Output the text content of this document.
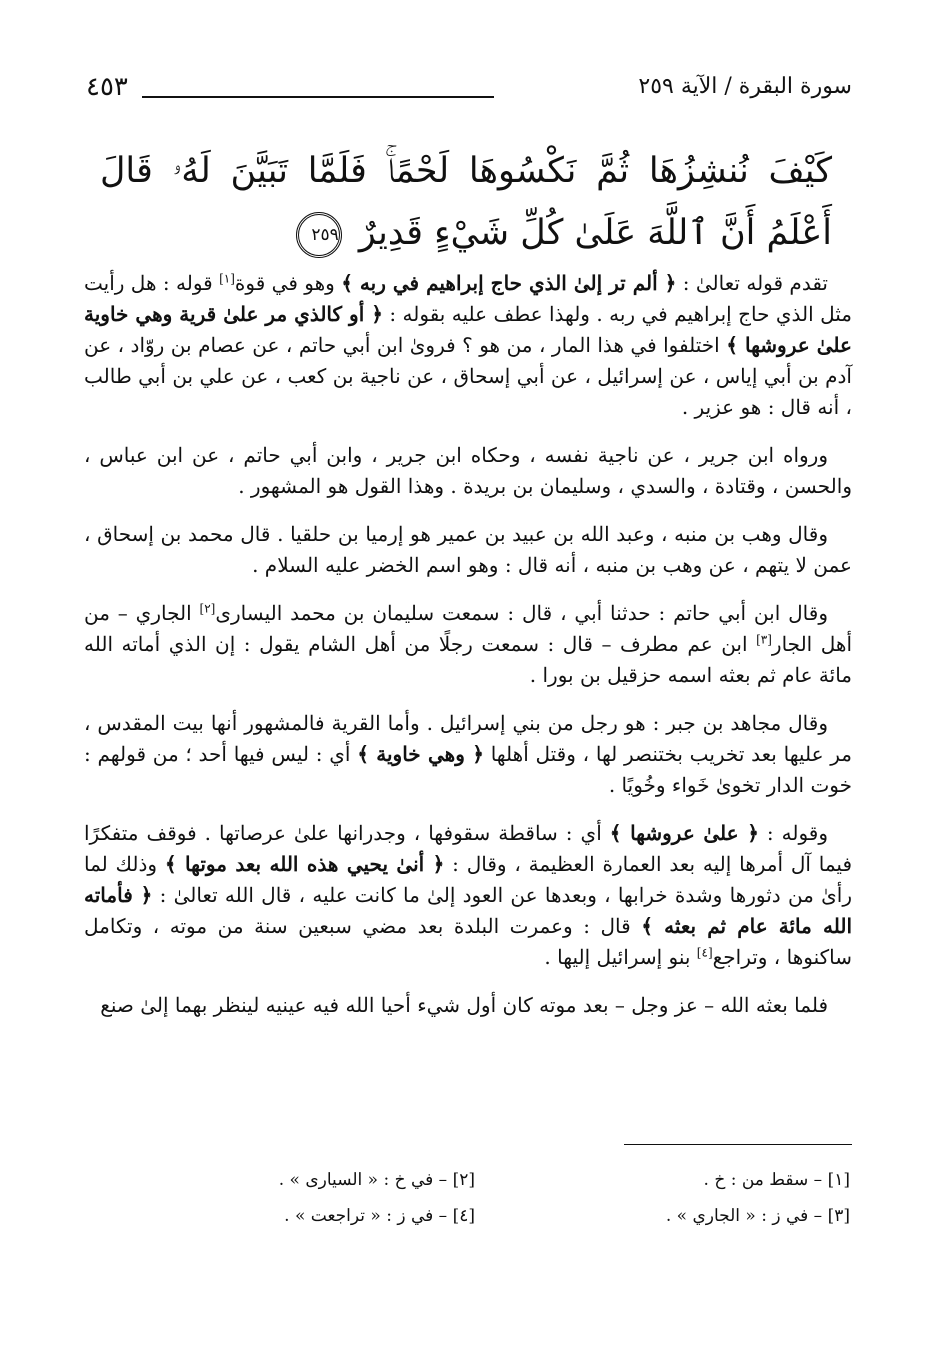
سورة البقرة / الآية ٢٥٩
٤٥٣
كَيْفَ نُنشِزُهَا ثُمَّ نَكْسُوهَا لَحْمًاۚ فَلَمَّا تَبَيَّنَ لَهُۥ قَالَ أَعْلَمُ أَنَّ ٱللَّهَ عَلَىٰ كُلِّ شَيْءٍ قَدِيرٌ ٢٥٩

تقدم قوله تعالىٰ : ﴿ ألم تر إلىٰ الذي حاج إبراهيم في ربه ﴾ وهو في قوة[١] قوله : هل رأيت مثل الذي حاج إبراهيم في ربه . ولهذا عطف عليه بقوله : ﴿ أو كالذي مر علىٰ قرية وهي خاوية علىٰ عروشها ﴾ اختلفوا في هذا المار ، من هو ؟ فروىٰ ابن أبي حاتم ، عن عصام بن روّاد ، عن آدم بن أبي إياس ، عن إسرائيل ، عن أبي إسحاق ، عن ناجية بن كعب ، عن علي بن أبي طالب ، أنه قال : هو عزير .

ورواه ابن جرير ، عن ناجية نفسه ، وحكاه ابن جرير ، وابن أبي حاتم ، عن ابن عباس ، والحسن ، وقتادة ، والسدي ، وسليمان بن بريدة . وهذا القول هو المشهور .

وقال وهب بن منبه ، وعبد الله بن عبيد بن عمير هو إرميا بن حلقيا . قال محمد بن إسحاق ، عمن لا يتهم ، عن وهب بن منبه ، أنه قال : وهو اسم الخضر عليه السلام .

وقال ابن أبي حاتم : حدثنا أبي ، قال : سمعت سليمان بن محمد اليسارى[٢] الجاري – من أهل الجار[٣] ابن عم مطرف – قال : سمعت رجلًا من أهل الشام يقول : إن الذي أماته الله مائة عام ثم بعثه اسمه حزقيل بن بورا .

وقال مجاهد بن جبر : هو رجل من بني إسرائيل . وأما القرية فالمشهور أنها بيت المقدس ، مر عليها بعد تخريب بختنصر لها ، وقتل أهلها ﴿ وهي خاوية ﴾ أي : ليس فيها أحد ؛ من قولهم : خوت الدار تخوىٰ خَواء وخُويًا .

وقوله : ﴿ علىٰ عروشها ﴾ أي : ساقطة سقوفها ، وجدرانها علىٰ عرصاتها . فوقف متفكرًا فيما آل أمرها إليه بعد العمارة العظيمة ، وقال : ﴿ أنىٰ يحيي هذه الله بعد موتها ﴾ وذلك لما رأىٰ من دثورها وشدة خرابها ، وبعدها عن العود إلىٰ ما كانت عليه ، قال الله تعالىٰ : ﴿ فأماته الله مائة عام ثم بعثه ﴾ قال : وعمرت البلدة بعد مضي سبعين سنة من موته ، وتكامل ساكنوها ، وتراجع[٤] بنو إسرائيل إليها .

فلما بعثه الله – عز وجل – بعد موته كان أول شيء أحيا الله فيه عينيه لينظر بهما إلىٰ صنع

[١] – سقط من : خ .
[٢] – في خ : « السيارى » .
[٣] – في ز : « الجاري » .
[٤] – في ز : « تراجعت » .
